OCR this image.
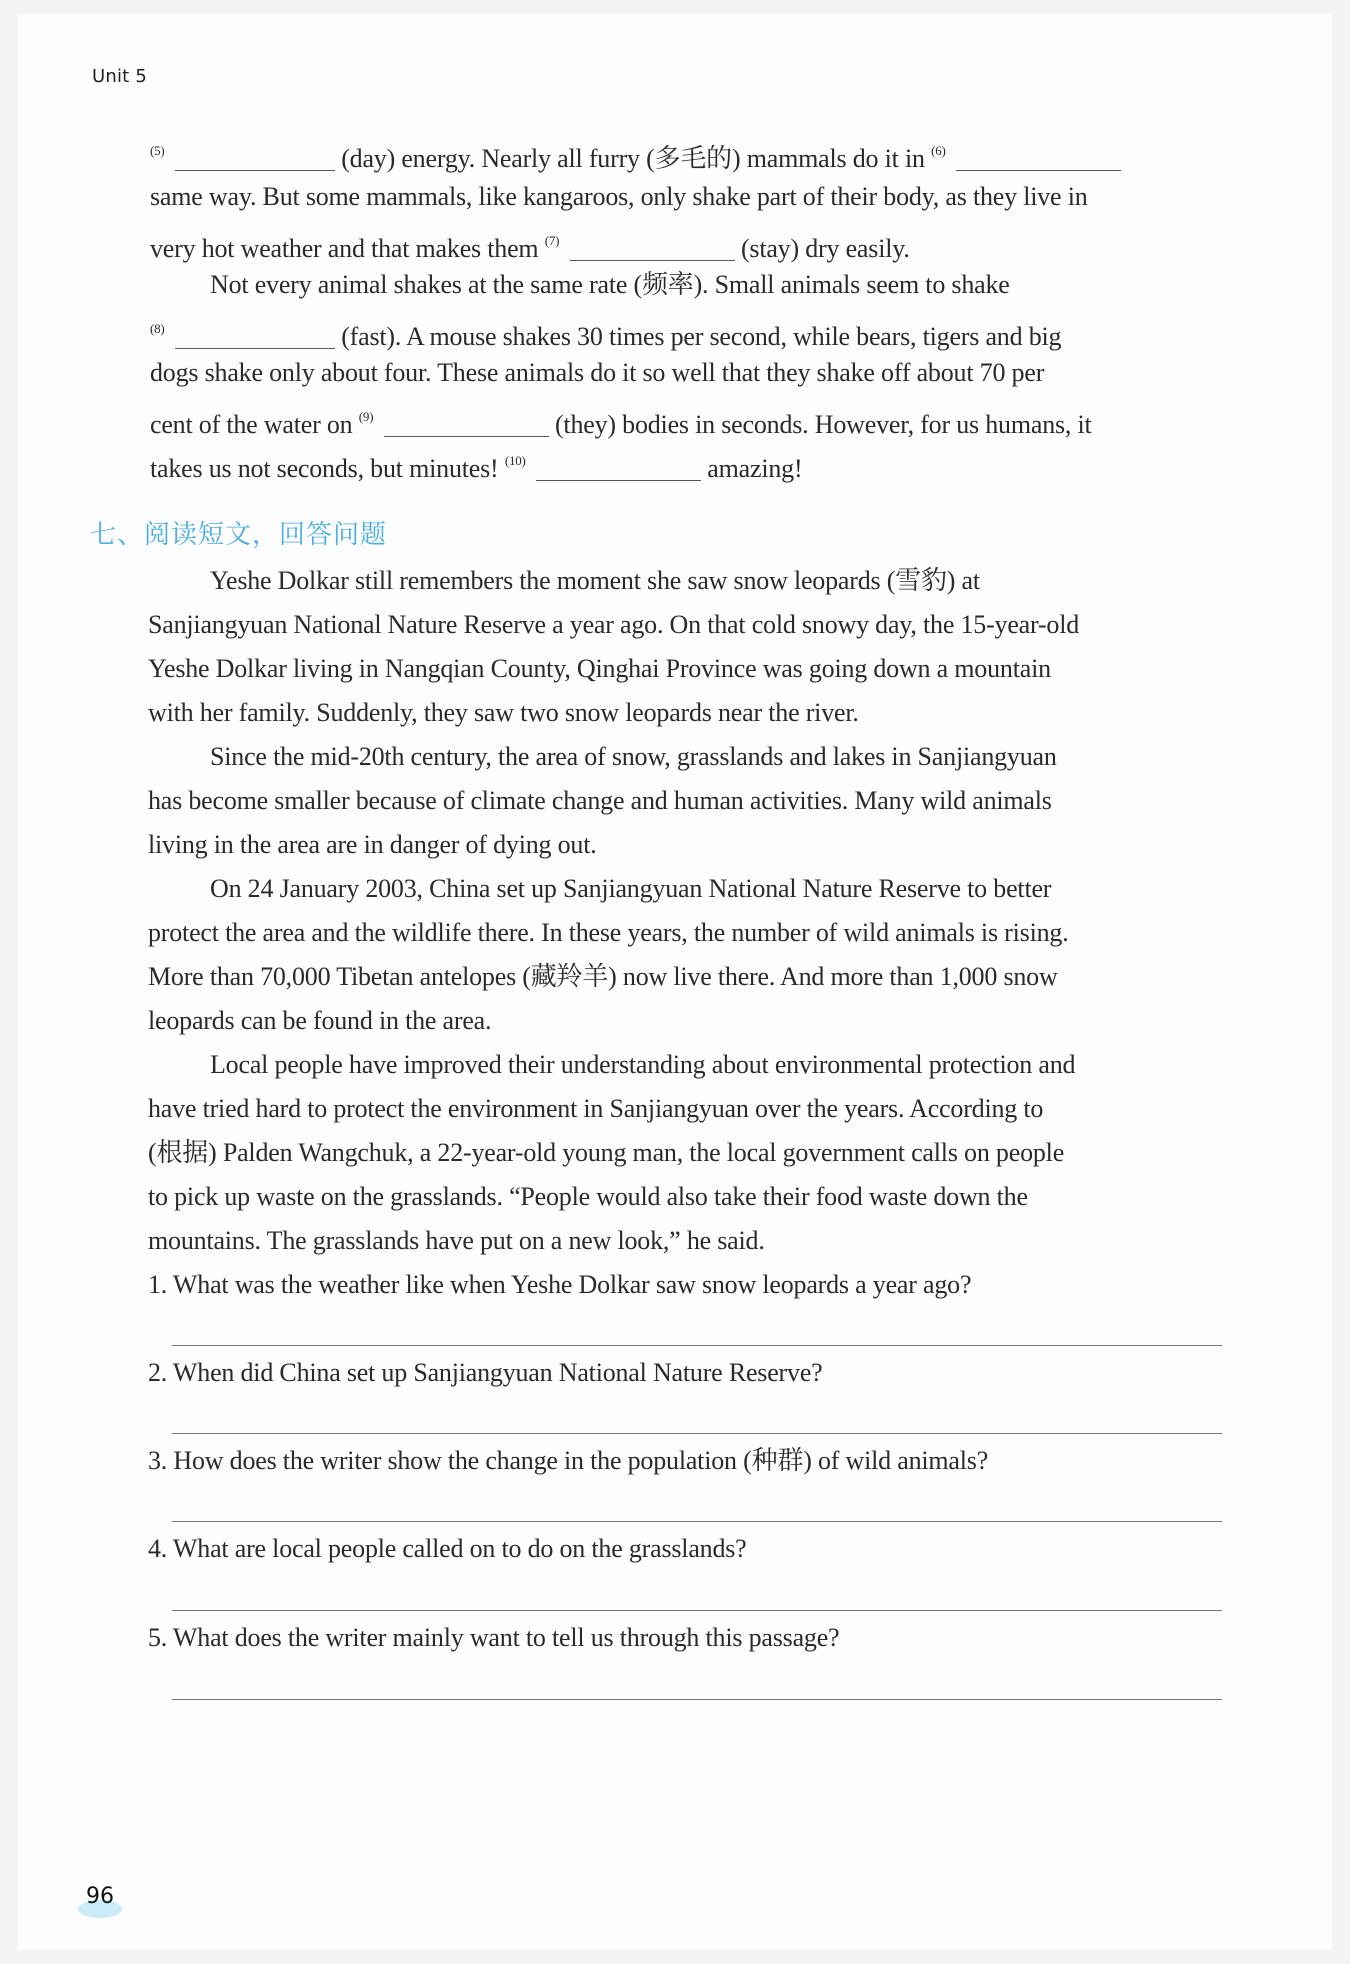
Unit 5
$^{(5)}$	(day) energy. Nearly all furry (多毛的) mammals do it in $^{(6)}$
same way. But some mammals, like kangaroos, only shake part of their body, as they live in
very hot weather and that makes them $^{(7)}$	(stay) dry easily.
Not every animal shakes at the same rate (频率). Small animals seem to shake
$^{(8)}$	(fast). A mouse shakes 30 times per second, while bears, tigers and big
dogs shake only about four. These animals do it so well that they shake off about 70 per
cent of the water on $^{(9)}$	(they) bodies in seconds. However, for us humans, it
takes us not seconds, but minutes! $^{(10)}$	amazing!
七、阅读短文，回答问题
Yeshe Dolkar still remembers the moment she saw snow leopards (雪豹) at
Sanjiangyuan National Nature Reserve a year ago. On that cold snowy day, the 15-year-old
Yeshe Dolkar living in Nangqian County, Qinghai Province was going down a mountain
with her family. Suddenly, they saw two snow leopards near the river.
Since the mid-20th century, the area of snow, grasslands and lakes in Sanjiangyuan
has become smaller because of climate change and human activities. Many wild animals
living in the area are in danger of dying out.
On 24 January 2003, China set up Sanjiangyuan National Nature Reserve to better
protect the area and the wildlife there. In these years, the number of wild animals is rising.
More than 70,000 Tibetan antelopes (藏羚羊) now live there. And more than 1,000 snow
leopards can be found in the area.
Local people have improved their understanding about environmental protection and
have tried hard to protect the environment in Sanjiangyuan over the years. According to
(根据) Palden Wangchuk, a 22-year-old young man, the local government calls on people
to pick up waste on the grasslands. “People would also take their food waste down the
mountains. The grasslands have put on a new look,” he said.
1. What was the weather like when Yeshe Dolkar saw snow leopards a year ago?
2. When did China set up Sanjiangyuan National Nature Reserve?
3. How does the writer show the change in the population (种群) of wild animals?
4. What are local people called on to do on the grasslands?
5. What does the writer mainly want to tell us through this passage?
96
